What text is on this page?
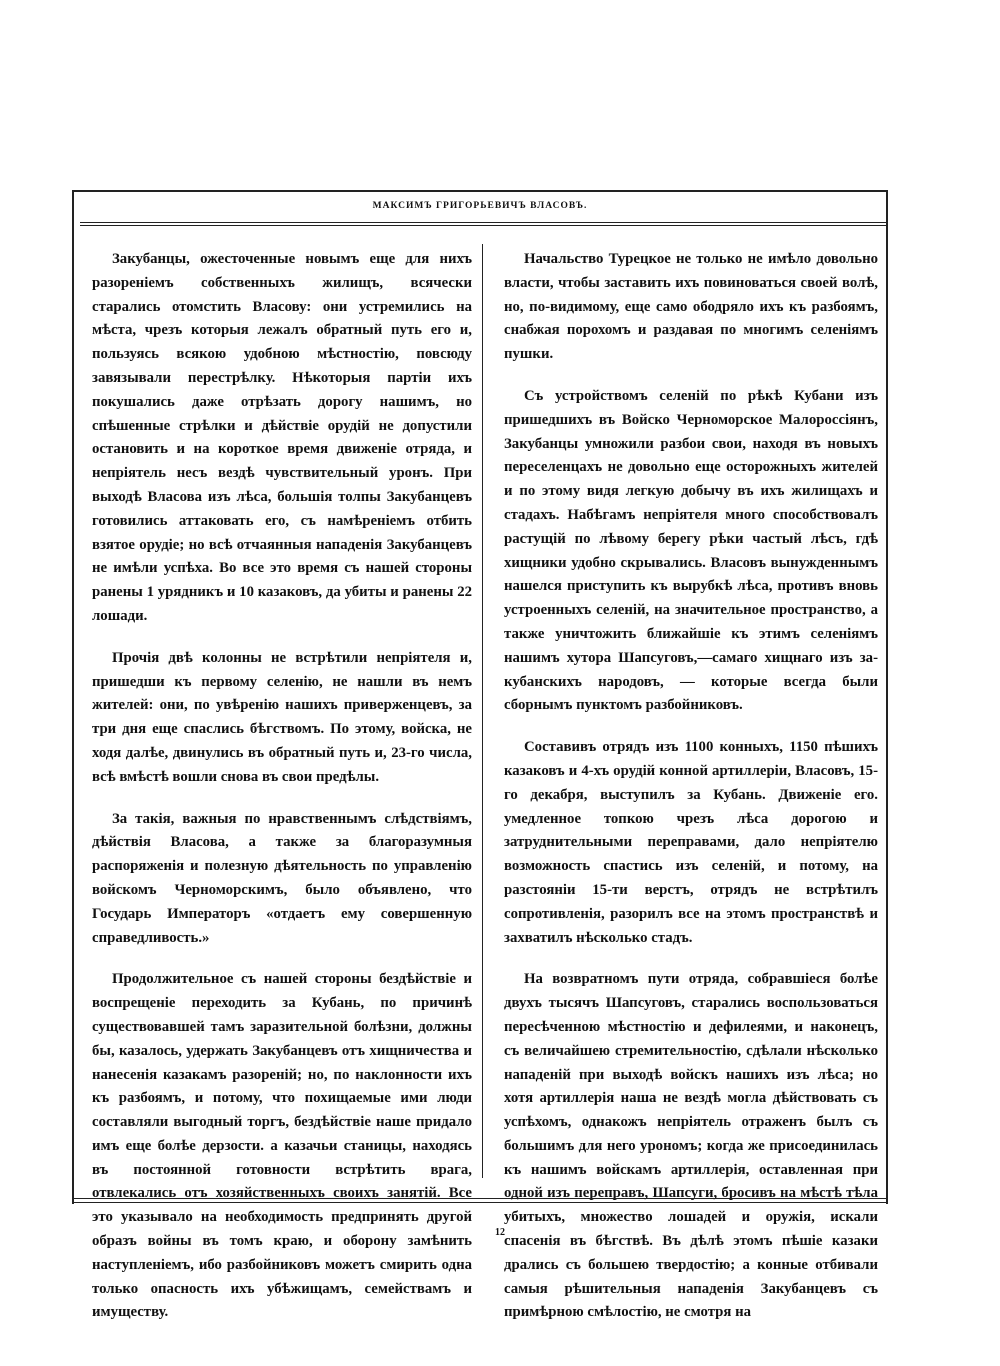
МАКСИМЪ ГРИГОРЬЕВИЧЪ ВЛАСОВЪ.

Закубанцы, ожесточенные новымъ еще для нихъ разореніемъ собственныхъ жилищъ, всячески старались отомстить Власову: они устремились на мѣста, чрезъ которыя лежалъ обратный путь его и, пользуясь всякою удобною мѣстностію, повсюду завязывали перестрѣлку. Нѣкоторыя партіи ихъ покушались даже отрѣзать дорогу нашимъ, но спѣшенные стрѣлки и дѣйствіе орудій не допустили остановить и на короткое время движеніе отряда, и непріятель несъ вездѣ чувствительный уронъ. При выходѣ Власова изъ лѣса, большія толпы Закубанцевъ готовились аттаковать его, съ намѣреніемъ отбить взятое орудіе; но всѣ отчаянныя нападенія Закубанцевъ не имѣли успѣха. Во все это время съ нашей стороны ранены 1 урядникъ и 10 казаковъ, да убиты и ранены 22 лошади.

Прочія двѣ колонны не встрѣтили непріятеля и, пришедши къ первому селенію, не нашли въ немъ жителей: они, по увѣренію нашихъ приверженцевъ, за три дня еще спаслись бѣгствомъ. По этому, войска, не ходя далѣе, двинулись въ обратный путь и, 23-го числа, всѣ вмѣстѣ вошли снова въ свои предѣлы.

За такія, важныя по нравственнымъ слѣдствіямъ, дѣйствія Власова, а также за благоразумныя распоряженія и полезную дѣятельность по управленію войскомъ Черноморскимъ, было объявлено, что Государь Императоръ «отдаетъ ему совершенную справедливость.»

Продолжительное съ нашей стороны бездѣйствіе и воспрещеніе переходить за Кубань, по причинѣ существовавшей тамъ заразительной болѣзни, должны бы, казалось, удержать Закубанцевъ отъ хищничества и нанесенія казакамъ разореній; но, по наклонности ихъ къ разбоямъ, и потому, что похищаемые ими люди составляли выгодный торгъ, бездѣйствіе наше придало имъ еще болѣе дерзости. а казачьи станицы, находясь въ постоянной готовности встрѣтить врага, отвлекались отъ хозяйственныхъ своихъ занятій. Все это указывало на необходимость предпринять другой образъ войны въ томъ краю, и оборону замѣнить наступленіемъ, ибо разбойниковъ можетъ смирить одна только опасность ихъ убѣжищамъ, семействамъ и имуществу.

Начальство Турецкое не только не имѣло довольно власти, чтобы заставить ихъ повиноваться своей волѣ, но, по-видимому, еще само ободряло ихъ къ разбоямъ, снабжая порохомъ и раздавая по многимъ селеніямъ пушки.

Съ устройствомъ селеній по рѣкѣ Кубани изъ пришедшихъ въ Войско Черноморское Малороссіянъ, Закубанцы умножили разбои свои, находя въ новыхъ переселенцахъ не довольно еще осторожныхъ жителей и по этому видя легкую добычу въ ихъ жилищахъ и стадахъ. Набѣгамъ непріятеля много способствовалъ растущій по лѣвому берегу рѣки частый лѣсъ, гдѣ хищники удобно скрывались. Власовъ вынужденнымъ нашелся приступить къ вырубкѣ лѣса, противъ вновь устроенныхъ селеній, на значительное пространство, а также уничтожить ближайшіе къ этимъ селеніямъ нашимъ хутора Шапсуговъ,—самаго хищнаго изъ закубанскихъ народовъ, — которые всегда были сборнымъ пунктомъ разбойниковъ.

Составивъ отрядъ изъ 1100 конныхъ, 1150 пѣшихъ казаковъ и 4-хъ орудій конной артиллеріи, Власовъ, 15-го декабря, выступилъ за Кубань. Движеніе его. умедленное топкою чрезъ лѣса дорогою и затруднительными переправами, дало непріятелю возможность спастись изъ селеній, и потому, на разстояніи 15-ти верстъ, отрядъ не встрѣтилъ сопротивленія, разорилъ все на этомъ пространствѣ и захватилъ нѣсколько стадъ.

На возвратномъ пути отряда, собравшіеся болѣе двухъ тысячъ Шапсуговъ, старались воспользоваться пересѣченною мѣстностію и дефилеями, и наконецъ, съ величайшею стремительностію, сдѣлали нѣсколько нападеній при выходѣ войскъ нашихъ изъ лѣса; но хотя артиллерія наша не вездѣ могла дѣйствовать съ успѣхомъ, однакожъ непріятель отраженъ былъ съ большимъ для него урономъ; когда же присоединилась къ нашимъ войскамъ артиллерія, оставленная при одной изъ переправъ, Шапсуги, бросивъ на мѣстѣ тѣла убитыхъ, множество лошадей и оружія, искали спасенія въ бѣгствѣ. Въ дѣлѣ этомъ пѣшіе казаки дрались съ большею твердостію; а конные отбивали самыя рѣшительныя нападенія Закубанцевъ съ примѣрною смѣлостію, не смотря на

12
